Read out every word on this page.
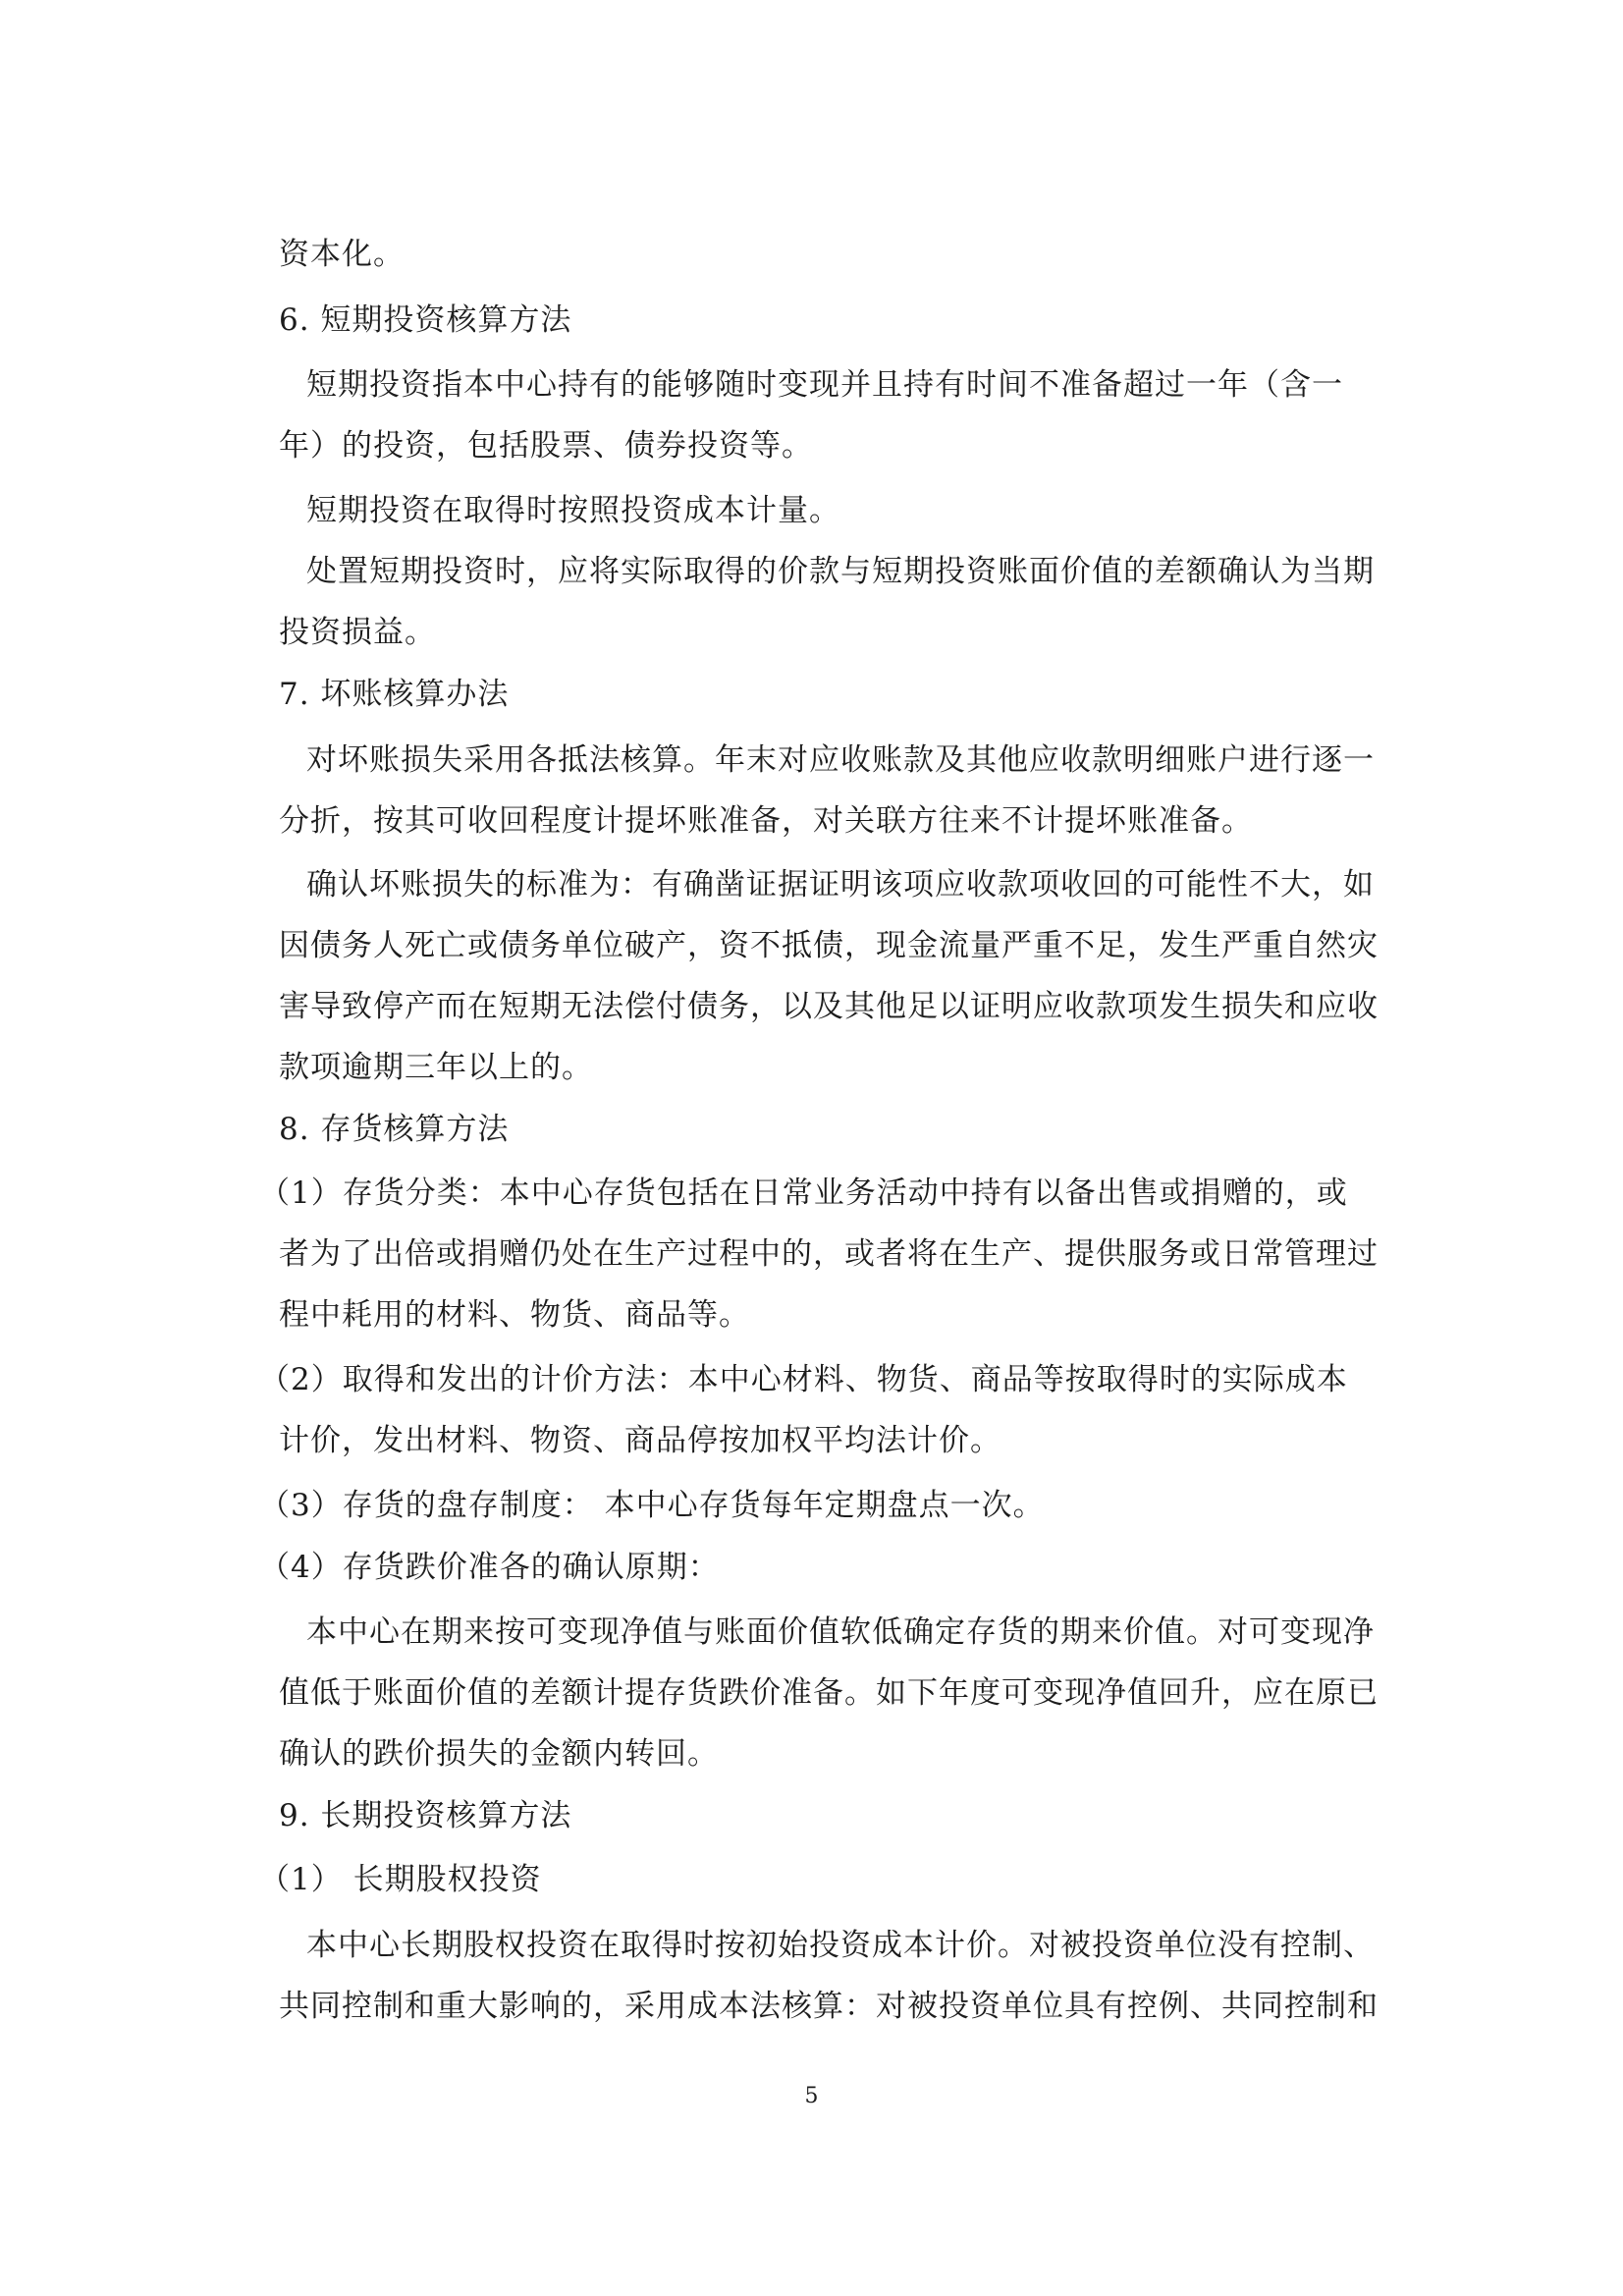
资本化。
6. 短期投资核算方法
短期投资指本中心持有的能够随时变现并且持有时间不准备超过一年（含一
年）的投资，包括股票、债券投资等。
短期投资在取得时按照投资成本计量。
处置短期投资时，应将实际取得的价款与短期投资账面价值的差额确认为当期
投资损益。
7. 坏账核算办法
对坏账损失采用各抵法核算。年末对应收账款及其他应收款明细账户进行逐一
分折，按其可收回程度计提坏账准备，对关联方往来不计提坏账准备。
确认坏账损失的标准为：有确凿证据证明该项应收款项收回的可能性不大，如
因债务人死亡或债务单位破产，资不抵债，现金流量严重不足，发生严重自然灾
害导致停产而在短期无法偿付债务，以及其他足以证明应收款项发生损失和应收
款项逾期三年以上的。
8. 存货核算方法
（1）存货分类：本中心存货包括在日常业务活动中持有以备出售或捐赠的，或
者为了出倍或捐赠仍处在生产过程中的，或者将在生产、提供服务或日常管理过
程中耗用的材料、物货、商品等。
（2）取得和发出的计价方法：本中心材料、物货、商品等按取得时的实际成本
计价，发出材料、物资、商品停按加权平均法计价。
（3）存货的盘存制度： 本中心存货每年定期盘点一次。
（4）存货跌价准各的确认原期：
本中心在期来按可变现净值与账面价值软低确定存货的期来价值。对可变现净
值低于账面价值的差额计提存货跌价准备。如下年度可变现净值回升，应在原已
确认的跌价损失的金额内转回。
9. 长期投资核算方法
（1） 长期股权投资
本中心长期股权投资在取得时按初始投资成本计价。对被投资单位没有控制、
共同控制和重大影响的，采用成本法核算：对被投资单位具有控例、共同控制和
5
